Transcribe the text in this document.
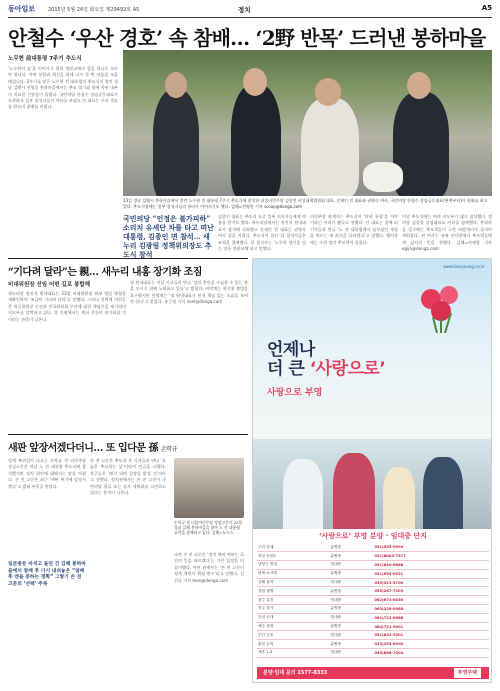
동아일보	2015년 5월 24일 화요일 제29492호 A5	정치	A5
안철수 ‘우산 경호’ 속 참배… ‘2野 반목’ 드러낸 봉하마을
노무현 前대통령 7주기 추도식
‘노무현의 꿈’을 이어가기 위한 정권교체의 힘을 하나로 모아야 합니다. 야권 통합과 혁신을 위해 다시 한 번 마음을 모을 때입니다. 2주기를 맞은 노무현 전 대통령의 추도식이 열린 경남 김해시 진영읍 봉하마을에서는 추모 열기와 함께 야권 내부의 미묘한 긴장감이 흘렀다. 국민의당 안철수 상임공동대표가 도착하자 일부 참석자들이 야유를 보냈고 안 대표는 우산 경호를 받으며 참배를 마쳤다.
23일 경남 김해시 봉하마을에서 열린 노무현 전 대통령 7주기 추도식에 참석한 더불어민주당 김종인 비상대책위원회 대표, 문재인 전 대표와 권양숙 여사, 국민의당 안철수 상임공동대표(왼쪽부터)가 헌화를 하고 있다. 추도식장에는 일부 참석자들의 항의가 이어지기도 했다. 김해=전영한 기자 scoop@donga.com
국민의당 “인정은 불가피하” 소리치 유세단 차를 타고 떠난 대통령, 김종인 면 참석… 새누리 김광림 정책위의장도 추도식 참석
김종인 대표는 추도식 도중 일부 지지자들에게 야유를 받기도 했다. 새누리당에서는 정진석 원내대표가 참석해 헌화했고 문재인 전 대표는 권양숙 여사 곁을 지켰다. 추도식이 끝난 뒤 참석자들은 묘역을 참배했다. 한 참석자는 ‘노무현 정신을 잇는 것은 정권교체’라고 말했다.
더민주당 관계자는 추도식이 ‘야권 통합’을 이야기하는 자리가 됐다고 전했다. 안 대표는 참배 뒤 기자들과 만나 ‘노 전 대통령께서 꿈꾸셨던 세상을 만드는 데 최선을 다하겠다’고 말했다. 행사장에는 수천 명의 추모객이 몰렸다.
이날 추도식에는 여야 지도부가 대거 참석했다. 정의당 심상정 상임대표도 자리를 함께했다. 봉하마을 입구에는 추모객들의 노란 바람개비가 줄지어 세워졌다. 권 여사는 유족 인사말에서 추모객들에게 감사의 뜻을 전했다. 김해=이재명 기자 egija@donga.com
“기다려 달라”는 親… 새누리 내홍 장기화 조짐
비대위원장 선임 어떤 길로 봉합해
새누리당 정진석 원내대표는 23일 비대위원장 외부 영입 방침을 재확인하며 ‘조금만 기다려 달라’고 말했다. 그러나 친박계 의원들은 혁신위원장 인선과 전국위원회 무산에 대한 책임론을 제기하며 지도부를 압박하고 있다. 당 안팎에서는 계파 갈등이 장기화할 것이라는 관측이 나온다.
정 원내대표는 이날 기자들과 만나 ‘당의 혼란을 수습할 수 있는 분을 모시기 위해 노력하고 있다’고 밝혔다. 비박계는 혁신위 출범을 요구했지만 친박계는 ‘정 원내대표가 먼저 책임 있는 모습을 보여야 한다’고 맞섰다. 유근형 기자 noel@donga.com
새판 앞장서겠다더니… 또 입다문 孫 손학규
정계 복귀설이 나오는 손학규 전 더민주당 상임고문은 이날 노 전 대통령 추도식에 참석했지만 정치 현안에 대해서는 말을 아꼈다. 손 전 고문은 최근 ‘새판 짜기에 앞장서겠다’고 밝혀 주목을 받았다.
일본방문 마치고 돌연 간 김해 봉하마을에서 참배 후 다시 내려놓은 “참배 후 엔을 중하는 정확” 그렇기 손 전고문의 ‘선택’ 주목
손 전 고문은 추도식 후 기자들과 만나 ‘오늘은 추모하는 날’이라며 언급을 피했다. 측근들은 ‘때가 되면 입장을 밝힐 것’이라고 전했다. 정치권에서는 손 전 고문이 국민의당 합류 또는 독자 세력화를 고민하고 있다는 분석이 나온다.
손학규 전 더불어민주당 상임고문이 23일 경남 김해 봉하마을을 찾아 노 전 대통령 묘역을 참배하고 있다. 김해=뉴시스
다만 손 전 고문은 ‘정치 복귀 여부는 국민의 뜻을 따르겠다’는 기존 입장을 되풀이했다. 야권 관계자는 ‘손 전 고문이 정계 개편의 핵심 변수’라고 말했다. 길진균 기자 leon@donga.com
www.booyoung.co.kr
언제나
더 큰 ‘사랑으로’
사랑으로 부영
‘사랑으로’ 부영 분양 · 임대중 단지
구리 갈매	분양중	031)555-9599
화성 동탄2	분양중	031)8003-7577
남양주 별내	임대중	031)840-8888
평택 소사벌	분양중	031)654-0521
김해 율하	임대중	055)323-5700
창원 월영	분양중	055)267-7203
광주 효천	임대중	062)674-8030
전주 하가	분양중	063)228-0988
순천 신대	임대중	061)722-6686
제주 삼화	분양중	064)721-9001
부산 신호	임대중	051)832-3201
춘천 온의	분양중	033)255-8900
세종 1-3	임대중	044)868-7004
분양·임대 문의 1577-8333	부영주택
